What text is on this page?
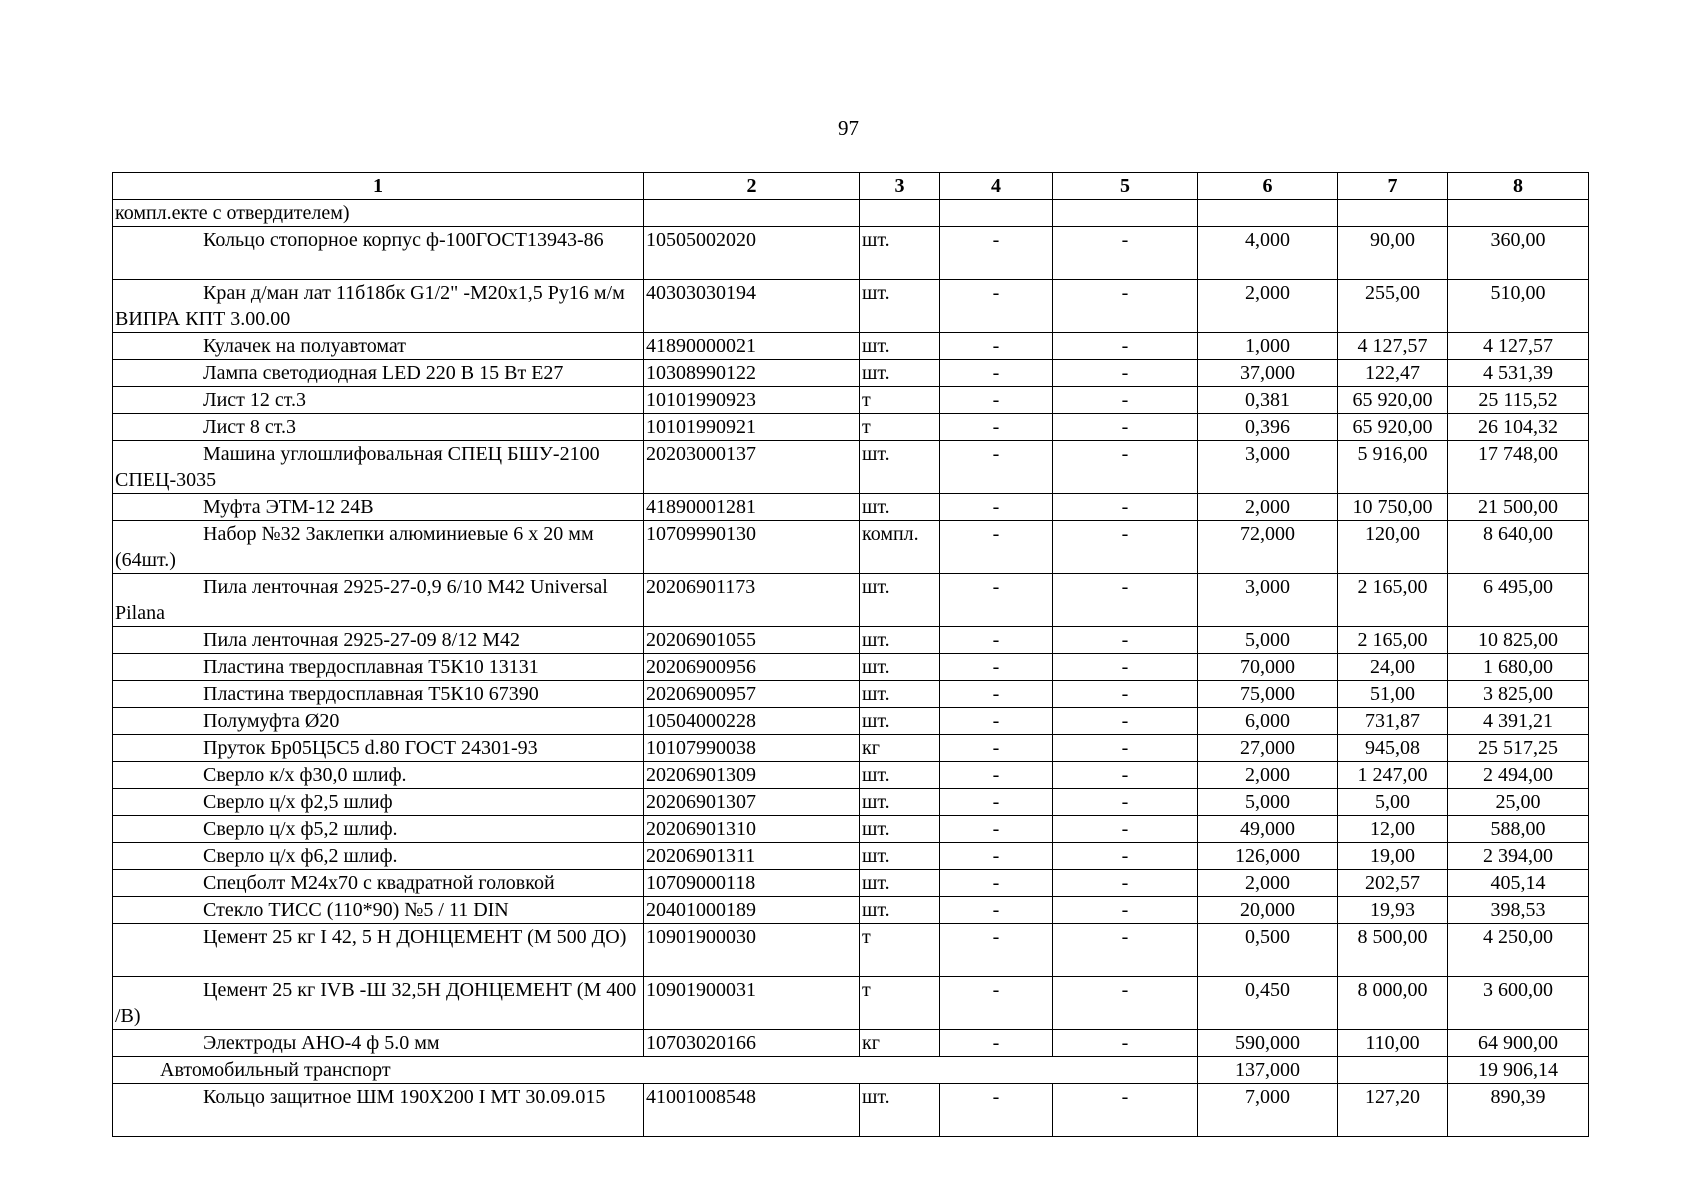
97
1	2	3	4	5	6	7	8
компл.екте с отвердителем)							
Кольцо стопорное корпус ф-100ГОСТ13943-86	10505002020	шт.	-	-	4,000	90,00	360,00
Кран д/ман лат 11б18бк G1/2" -М20х1,5 Ру16 м/м ВИПРА КПТ 3.00.00	40303030194	шт.	-	-	2,000	255,00	510,00
Кулачек на полуавтомат	41890000021	шт.	-	-	1,000	4 127,57	4 127,57
Лампа светодиодная LED 220 В 15 Вт Е27	10308990122	шт.	-	-	37,000	122,47	4 531,39
Лист 12 ст.3	10101990923	т	-	-	0,381	65 920,00	25 115,52
Лист 8 ст.3	10101990921	т	-	-	0,396	65 920,00	26 104,32
Машина углошлифовальная СПЕЦ БШУ-2100 СПЕЦ-3035	20203000137	шт.	-	-	3,000	5 916,00	17 748,00
Муфта ЭТМ-12 24В	41890001281	шт.	-	-	2,000	10 750,00	21 500,00
Набор №32 Заклепки алюминиевые 6 х 20 мм (64шт.)	10709990130	компл.	-	-	72,000	120,00	8 640,00
Пила ленточная 2925-27-0,9 6/10 М42 Universal Pilana	20206901173	шт.	-	-	3,000	2 165,00	6 495,00
Пила ленточная 2925-27-09 8/12 М42	20206901055	шт.	-	-	5,000	2 165,00	10 825,00
Пластина твердосплавная Т5К10 13131	20206900956	шт.	-	-	70,000	24,00	1 680,00
Пластина твердосплавная Т5К10 67390	20206900957	шт.	-	-	75,000	51,00	3 825,00
Полумуфта Ø20	10504000228	шт.	-	-	6,000	731,87	4 391,21
Пруток Бр05Ц5С5 d.80 ГОСТ 24301-93	10107990038	кг	-	-	27,000	945,08	25 517,25
Сверло к/х ф30,0 шлиф.	20206901309	шт.	-	-	2,000	1 247,00	2 494,00
Сверло ц/х ф2,5 шлиф	20206901307	шт.	-	-	5,000	5,00	25,00
Сверло ц/х ф5,2 шлиф.	20206901310	шт.	-	-	49,000	12,00	588,00
Сверло ц/х ф6,2 шлиф.	20206901311	шт.	-	-	126,000	19,00	2 394,00
Спецболт М24х70 с квадратной головкой	10709000118	шт.	-	-	2,000	202,57	405,14
Стекло ТИСС (110*90) №5 / 11 DIN	20401000189	шт.	-	-	20,000	19,93	398,53
Цемент 25 кг I 42, 5 Н ДОНЦЕМЕНТ (М 500 ДО)	10901900030	т	-	-	0,500	8 500,00	4 250,00
Цемент 25 кг IVB -Ш 32,5Н ДОНЦЕМЕНТ (М 400 /В)	10901900031	т	-	-	0,450	8 000,00	3 600,00
Электроды АНО-4 ф 5.0 мм	10703020166	кг	-	-	590,000	110,00	64 900,00
Автомобильный транспорт					137,000		19 906,14
Кольцо защитное ШМ 190Х200 I МТ 30.09.015	41001008548	шт.	-	-	7,000	127,20	890,39
